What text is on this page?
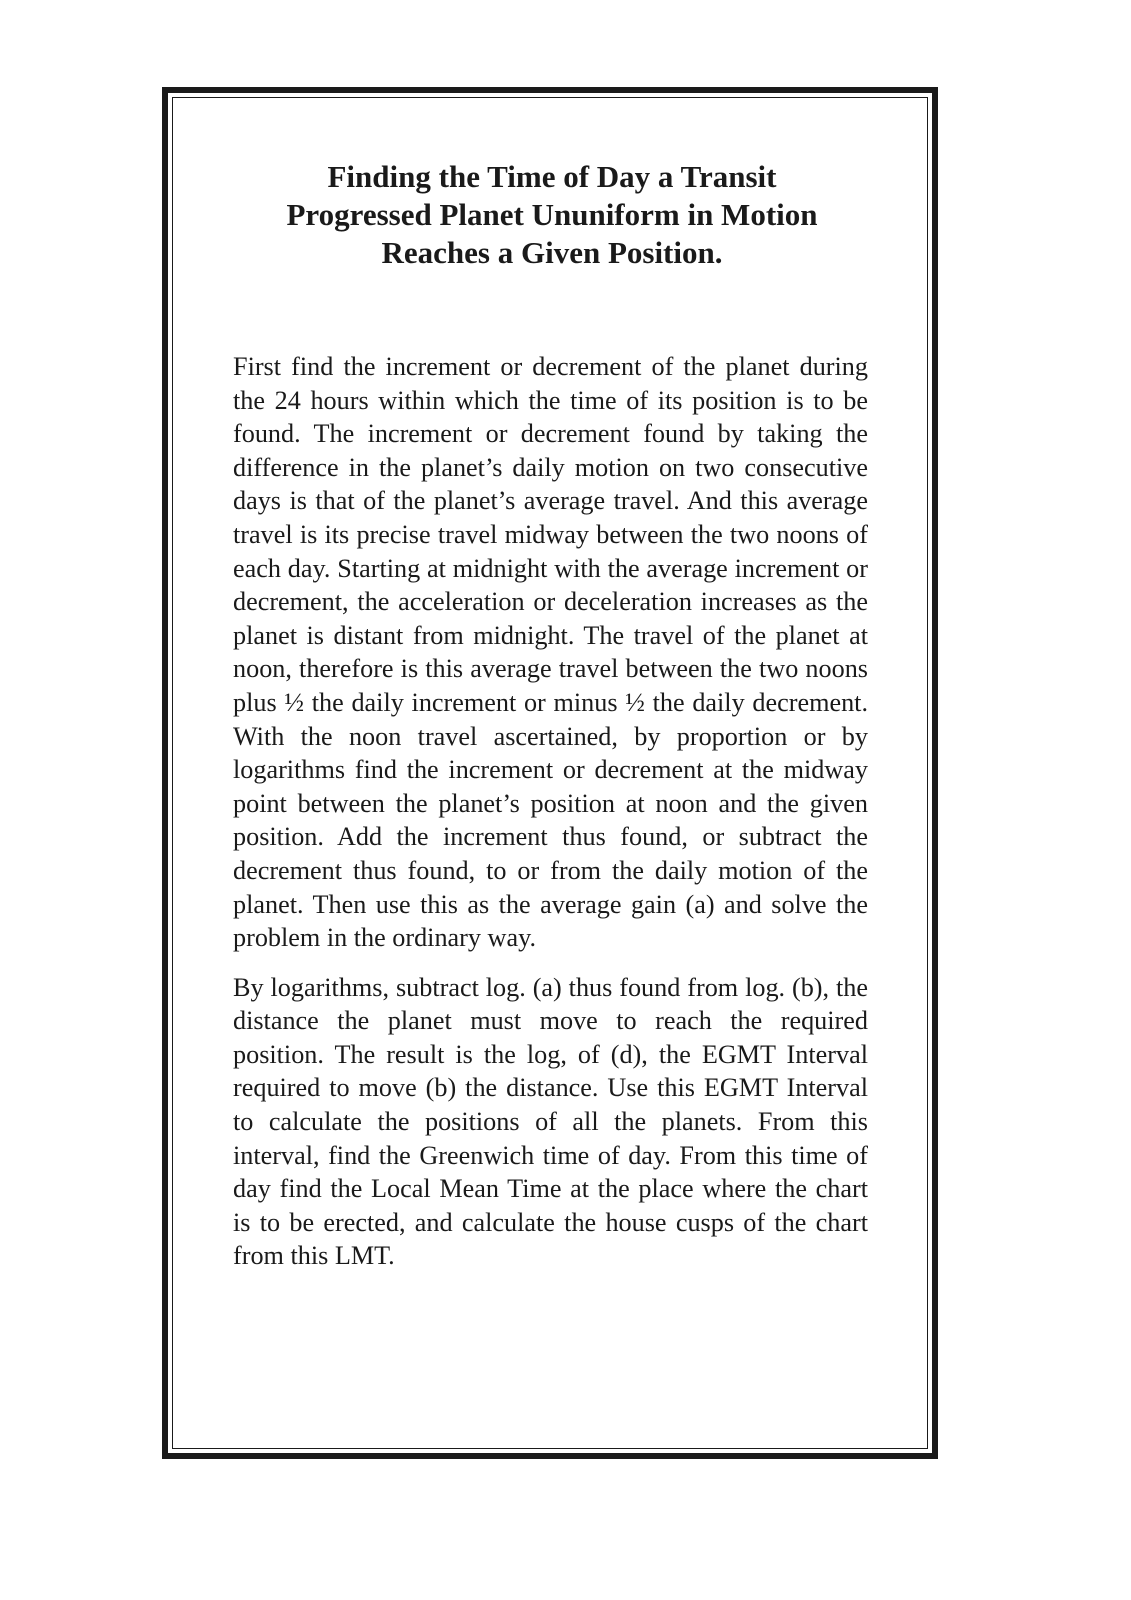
Finding the Time of Day a Transit
Progressed Planet Ununiform in Motion
Reaches a Given Position.

First find the increment or decrement of the planet during the 24 hours within which the time of its position is to be found. The increment or decrement found by taking the difference in the planet’s daily motion on two consecutive days is that of the planet’s average travel. And this average travel is its precise travel midway between the two noons of each day. Starting at midnight with the average increment or decrement, the acceleration or deceleration increases as the planet is distant from midnight. The travel of the planet at noon, therefore is this average travel between the two noons plus ½ the daily increment or minus ½ the daily decrement. With the noon travel ascertained, by proportion or by logarithms find the increment or decrement at the midway point between the planet’s position at noon and the given position. Add the increment thus found, or subtract the decrement thus found, to or from the daily motion of the planet. Then use this as the average gain (a) and solve the problem in the ordinary way.

By logarithms, subtract log. (a) thus found from log. (b), the distance the planet must move to reach the required position. The result is the log, of (d), the EGMT Interval required to move (b) the distance. Use this EGMT Interval to calculate the positions of all the planets. From this interval, find the Greenwich time of day. From this time of day find the Local Mean Time at the place where the chart is to be erected, and calculate the house cusps of the chart from this LMT.
